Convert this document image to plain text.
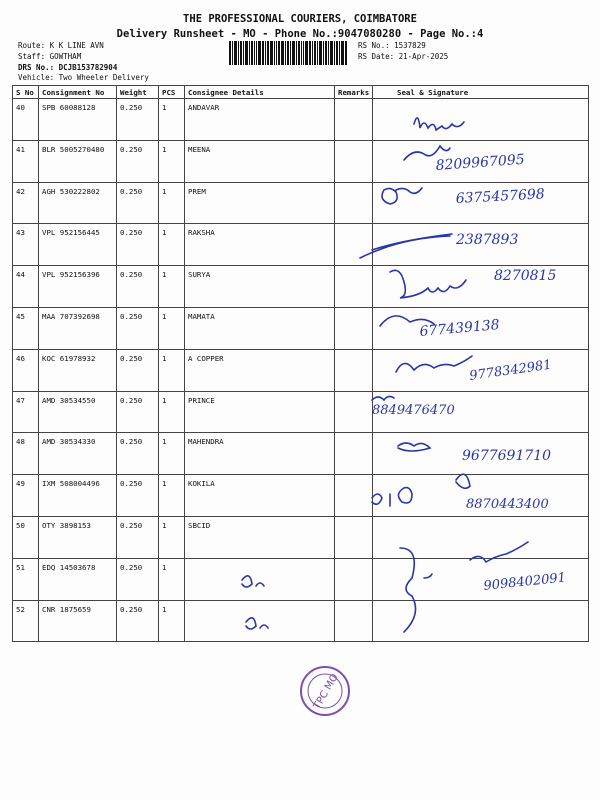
THE PROFESSIONAL COURIERS, COIMBATORE
Delivery Runsheet - MO - Phone No.:9047080280 - Page No.:4
Route: K K LINE AVN
Staff: GOWTHAM
DRS No.: DCJB153782904
Vehicle: Two Wheeler Delivery
RS No.: 1537829
RS Date: 21-Apr-2025
S No	Consignment No	Weight	PCS	Consignee Details	Remarks	Seal & Signature
40	SPB 60088128	0.250	1	ANDAVAR		
41	BLR 5005270480	0.250	1	MEENA		
42	AGH 530222802	0.250	1	PREM		
43	VPL 952156445	0.250	1	RAKSHA		
44	VPL 952156396	0.250	1	SURYA		
45	MAA 707392698	0.250	1	MAMATA		
46	KOC 61978932	0.250	1	A COPPER		
47	AMD 30534550	0.250	1	PRINCE		
48	AMD 30534330	0.250	1	MAHENDRA		
49	IXM 508004496	0.250	1	KOKILA		
50	OTY 3898153	0.250	1	SBCID		
51	EDQ 14503678	0.250	1			
52	CNR 1875659	0.250	1			
8209967095
6375457698
2387893
8270815
677439138
9778342981
8849476470
9677691710
8870443400
9098402091
TPC MO
